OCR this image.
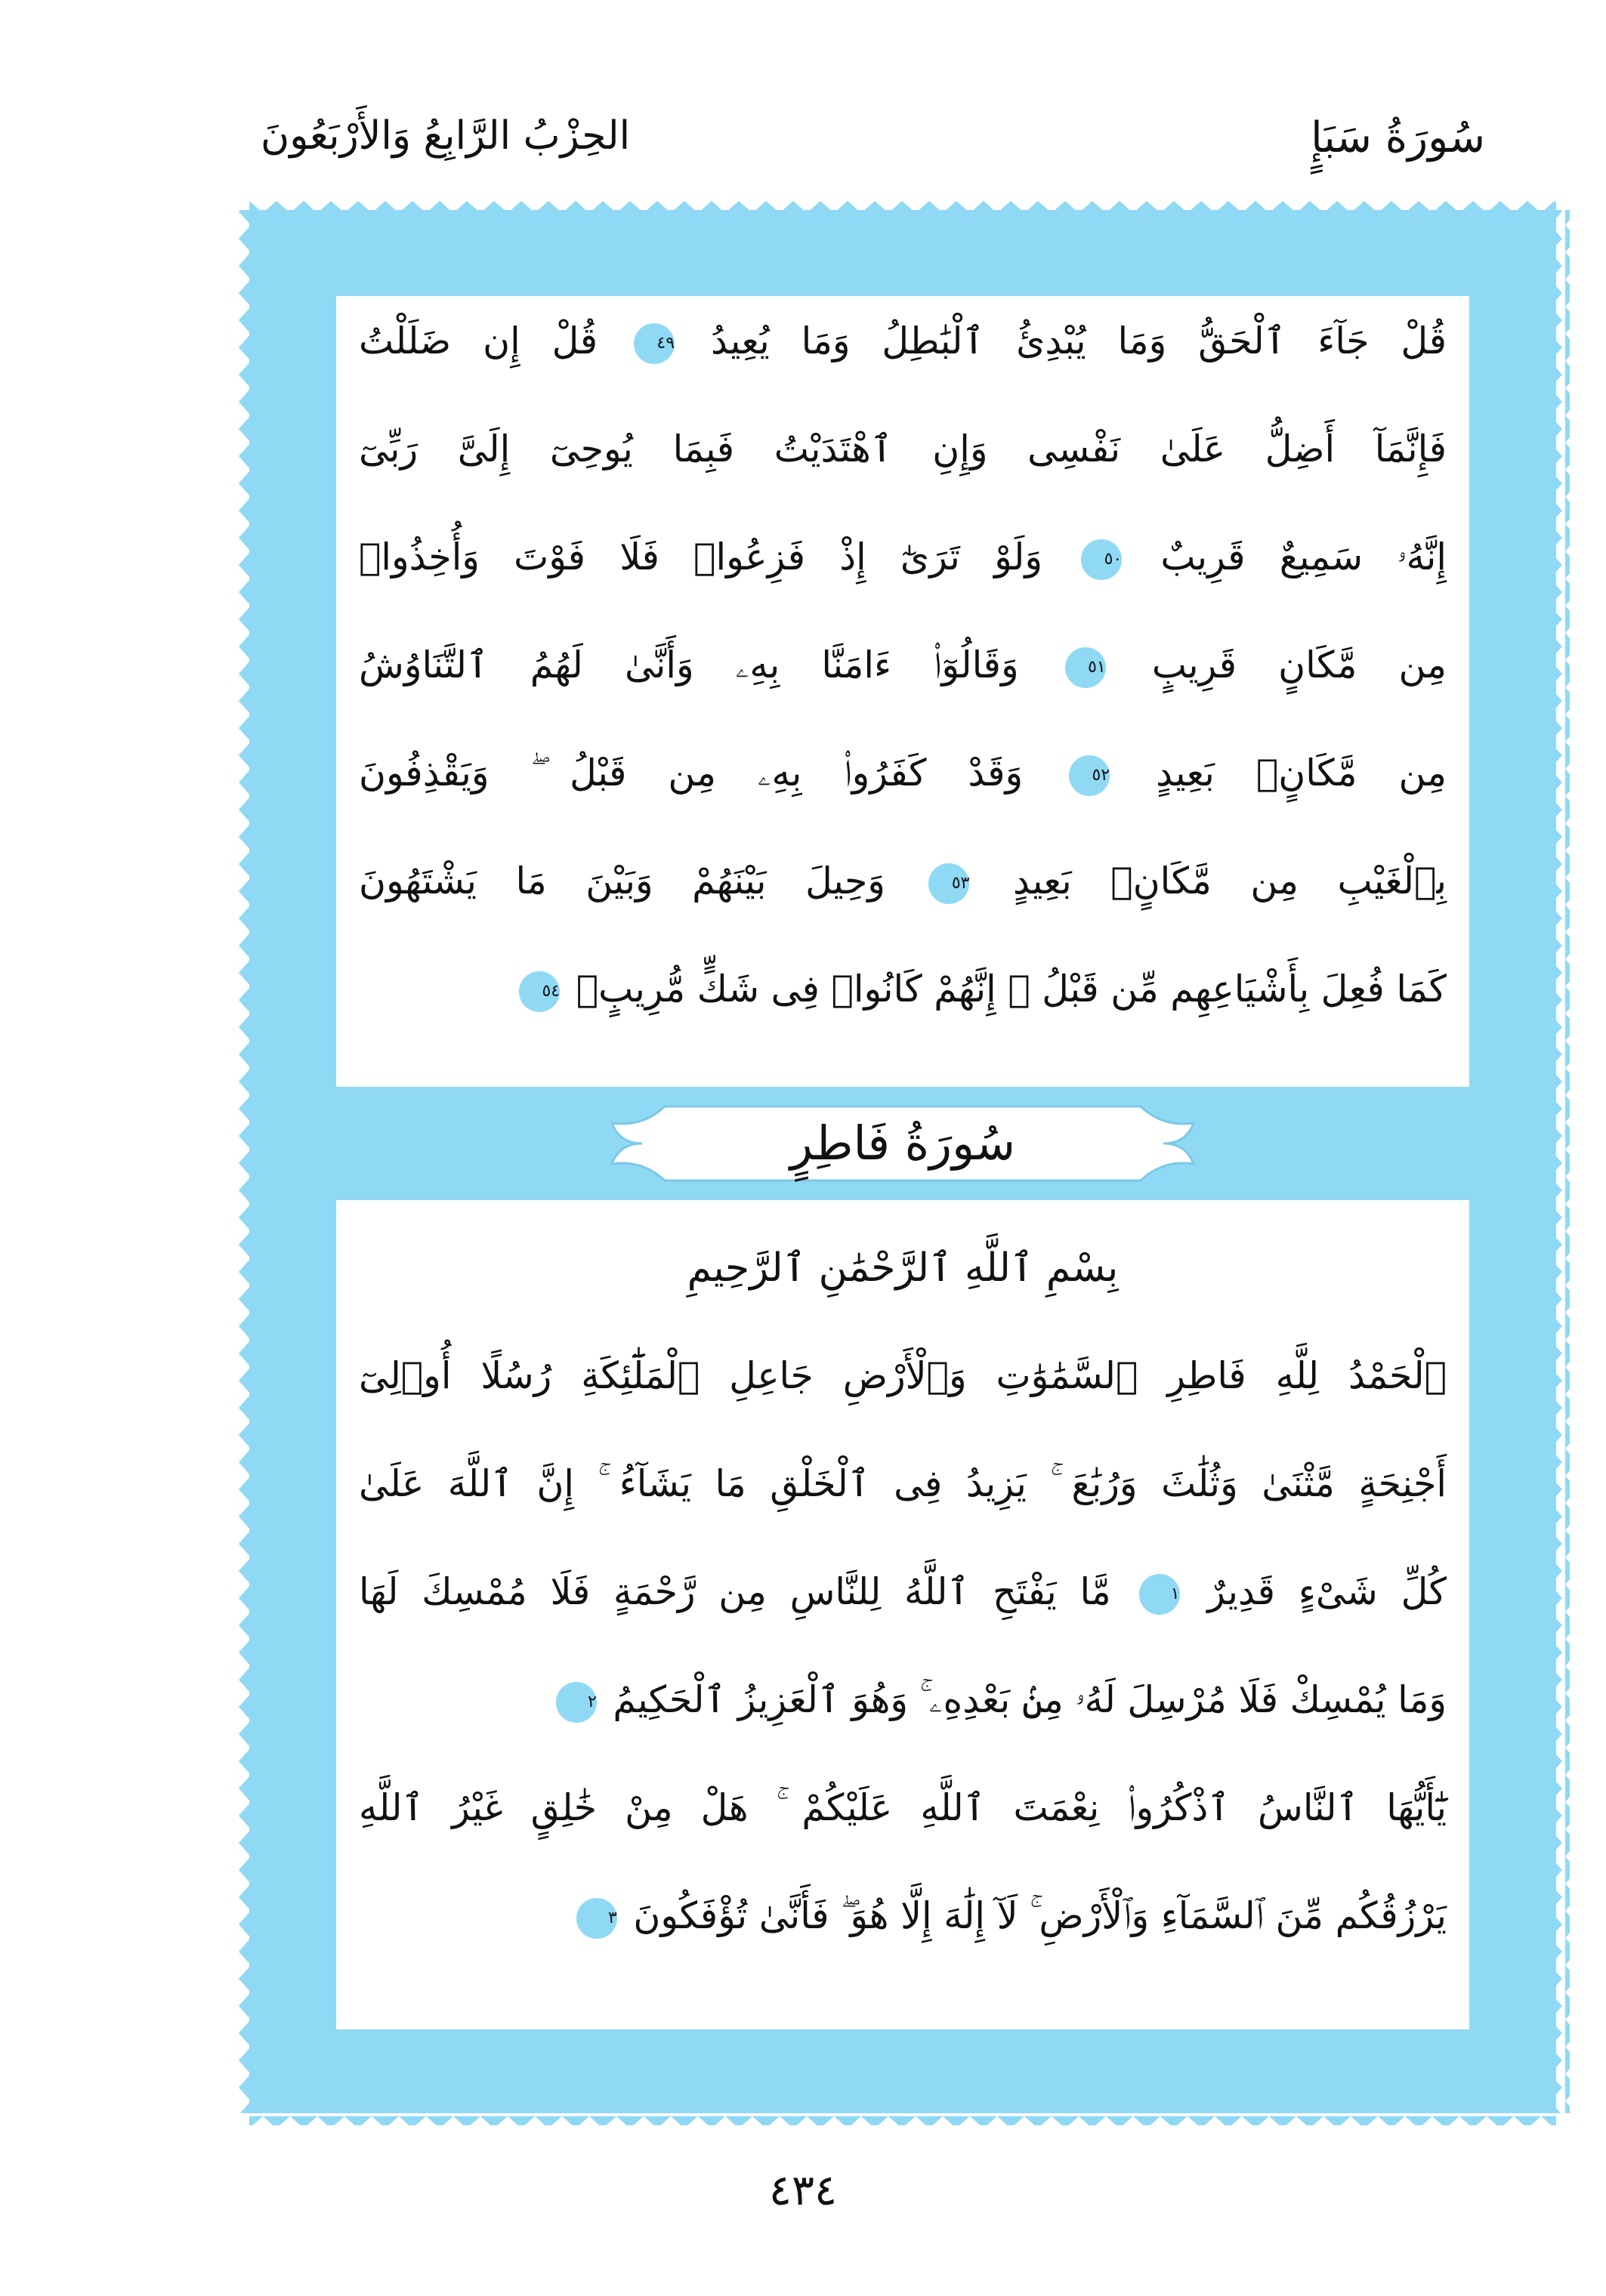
الحِزْبُ الرَّابِعُ وَالأَرْبَعُونَ	سُورَةُ سَبَإٍ
قُلْ جَآءَ ٱلْحَقُّ وَمَا يُبْدِئُ ٱلْبَٰطِلُ وَمَا يُعِيدُ ٤٩ قُلْ إِن ضَلَلْتُ
فَإِنَّمَآ أَضِلُّ عَلَىٰ نَفْسِى وَإِنِ ٱهْتَدَيْتُ فَبِمَا يُوحِىٓ إِلَىَّ رَبِّىٓ
إِنَّهُۥ سَمِيعٌ قَرِيبٌ ٥٠ وَلَوْ تَرَىٰٓ إِذْ فَزِعُوا۟ فَلَا فَوْتَ وَأُخِذُوا۟
مِن مَّكَانٍ قَرِيبٍ ٥١ وَقَالُوٓا۟ ءَامَنَّا بِهِۦ وَأَنَّىٰ لَهُمُ ٱلتَّنَاوُشُ
مِن مَّكَانٍۭ بَعِيدٍ ٥٢ وَقَدْ كَفَرُوا۟ بِهِۦ مِن قَبْلُ ۖ وَيَقْذِفُونَ
بِٱلْغَيْبِ مِن مَّكَانٍۭ بَعِيدٍ ٥٣ وَحِيلَ بَيْنَهُمْ وَبَيْنَ مَا يَشْتَهُونَ
كَمَا فُعِلَ بِأَشْيَاعِهِم مِّن قَبْلُ ۚ إِنَّهُمْ كَانُوا۟ فِى شَكٍّ مُّرِيبٍۭ ٥٤
سُورَةُ فَاطِرٍ
بِسْمِ ٱللَّهِ ٱلرَّحْمَٰنِ ٱلرَّحِيمِ
ٱلْحَمْدُ لِلَّهِ فَاطِرِ ٱلسَّمَٰوَٰتِ وَٱلْأَرْضِ جَاعِلِ ٱلْمَلَٰٓئِكَةِ رُسُلًا أُو۟لِىٓ
أَجْنِحَةٍ مَّثْنَىٰ وَثُلَٰثَ وَرُبَٰعَ ۚ يَزِيدُ فِى ٱلْخَلْقِ مَا يَشَآءُ ۚ إِنَّ ٱللَّهَ عَلَىٰ
كُلِّ شَىْءٍ قَدِيرٌ ١ مَّا يَفْتَحِ ٱللَّهُ لِلنَّاسِ مِن رَّحْمَةٍ فَلَا مُمْسِكَ لَهَا
وَمَا يُمْسِكْ فَلَا مُرْسِلَ لَهُۥ مِنۢ بَعْدِهِۦ ۚ وَهُوَ ٱلْعَزِيزُ ٱلْحَكِيمُ ٢
يَٰٓأَيُّهَا ٱلنَّاسُ ٱذْكُرُوا۟ نِعْمَتَ ٱللَّهِ عَلَيْكُمْ ۚ هَلْ مِنْ خَٰلِقٍ غَيْرُ ٱللَّهِ
يَرْزُقُكُم مِّنَ ٱلسَّمَآءِ وَٱلْأَرْضِ ۚ لَآ إِلَٰهَ إِلَّا هُوَ ۖ فَأَنَّىٰ تُؤْفَكُونَ ٣
٤٣٤
